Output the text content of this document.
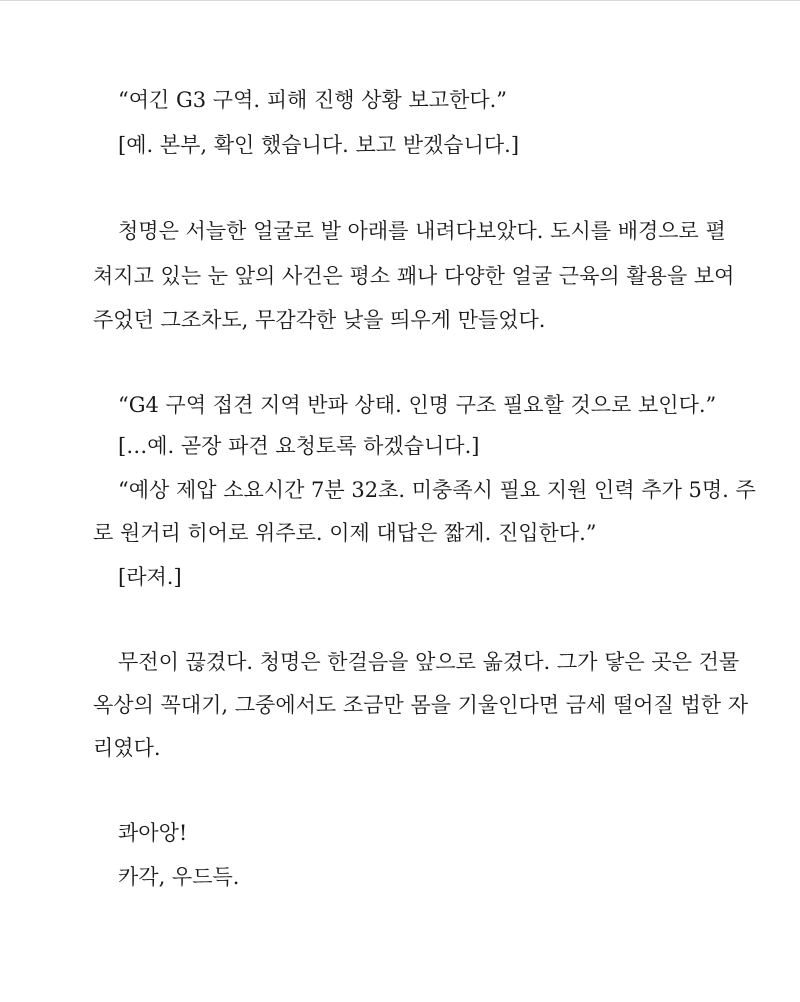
“여긴 G3 구역. 피해 진행 상황 보고한다.”
[예. 본부, 확인 했습니다. 보고 받겠습니다.]
청명은 서늘한 얼굴로 발 아래를 내려다보았다. 도시를 배경으로 펼
쳐지고 있는 눈 앞의 사건은 평소 꽤나 다양한 얼굴 근육의 활용을 보여
주었던 그조차도, 무감각한 낮을 띄우게 만들었다.
“G4 구역 접견 지역 반파 상태. 인명 구조 필요할 것으로 보인다.”
[…예. 곧장 파견 요청토록 하겠습니다.]
“예상 제압 소요시간 7분 32초. 미충족시 필요 지원 인력 추가 5명. 주
로 원거리 히어로 위주로. 이제 대답은 짧게. 진입한다.”
[라져.]
무전이 끊겼다. 청명은 한걸음을 앞으로 옮겼다. 그가 닿은 곳은 건물
옥상의 꼭대기, 그중에서도 조금만 몸을 기울인다면 금세 떨어질 법한 자
리였다.
콰아앙!
카각, 우드득.
